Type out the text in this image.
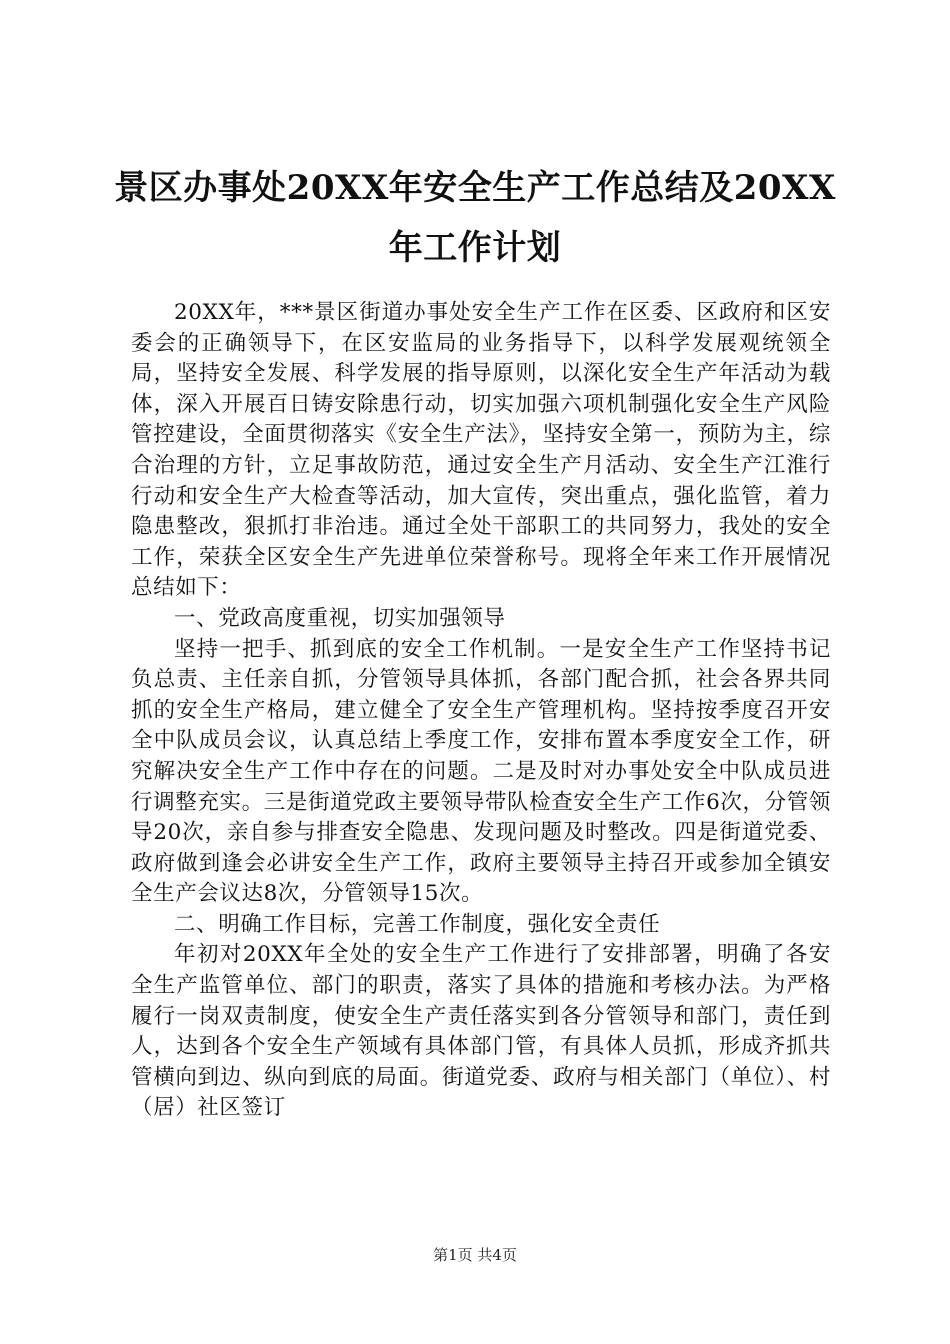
景区办事处20XX年安全生产工作总结及20XX年工作计划

20XX年，***景区街道办事处安全生产工作在区委、区政府和区安委会的正确领导下，在区安监局的业务指导下，以科学发展观统领全局，坚持安全发展、科学发展的指导原则，以深化安全生产年活动为载体，深入开展百日铸安除患行动，切实加强六项机制强化安全生产风险管控建设，全面贯彻落实《安全生产法》，坚持安全第一，预防为主，综合治理的方针，立足事故防范，通过安全生产月活动、安全生产江淮行行动和安全生产大检查等活动，加大宣传，突出重点，强化监管，着力隐患整改，狠抓打非治违。通过全处干部职工的共同努力，我处的安全工作，荣获全区安全生产先进单位荣誉称号。现将全年来工作开展情况总结如下：

一、党政高度重视，切实加强领导

坚持一把手、抓到底的安全工作机制。一是安全生产工作坚持书记负总责、主任亲自抓，分管领导具体抓，各部门配合抓，社会各界共同抓的安全生产格局，建立健全了安全生产管理机构。坚持按季度召开安全中队成员会议，认真总结上季度工作，安排布置本季度安全工作，研究解决安全生产工作中存在的问题。二是及时对办事处安全中队成员进行调整充实。三是街道党政主要领导带队检查安全生产工作6次，分管领导20次，亲自参与排查安全隐患、发现问题及时整改。四是街道党委、政府做到逢会必讲安全生产工作，政府主要领导主持召开或参加全镇安全生产会议达8次，分管领导15次。

二、明确工作目标，完善工作制度，强化安全责任

年初对20XX年全处的安全生产工作进行了安排部署，明确了各安全生产监管单位、部门的职责，落实了具体的措施和考核办法。为严格履行一岗双责制度，使安全生产责任落实到各分管领导和部门，责任到人，达到各个安全生产领域有具体部门管，有具体人员抓，形成齐抓共管横向到边、纵向到底的局面。街道党委、政府与相关部门（单位）、村（居）社区签订

第1页 共4页
